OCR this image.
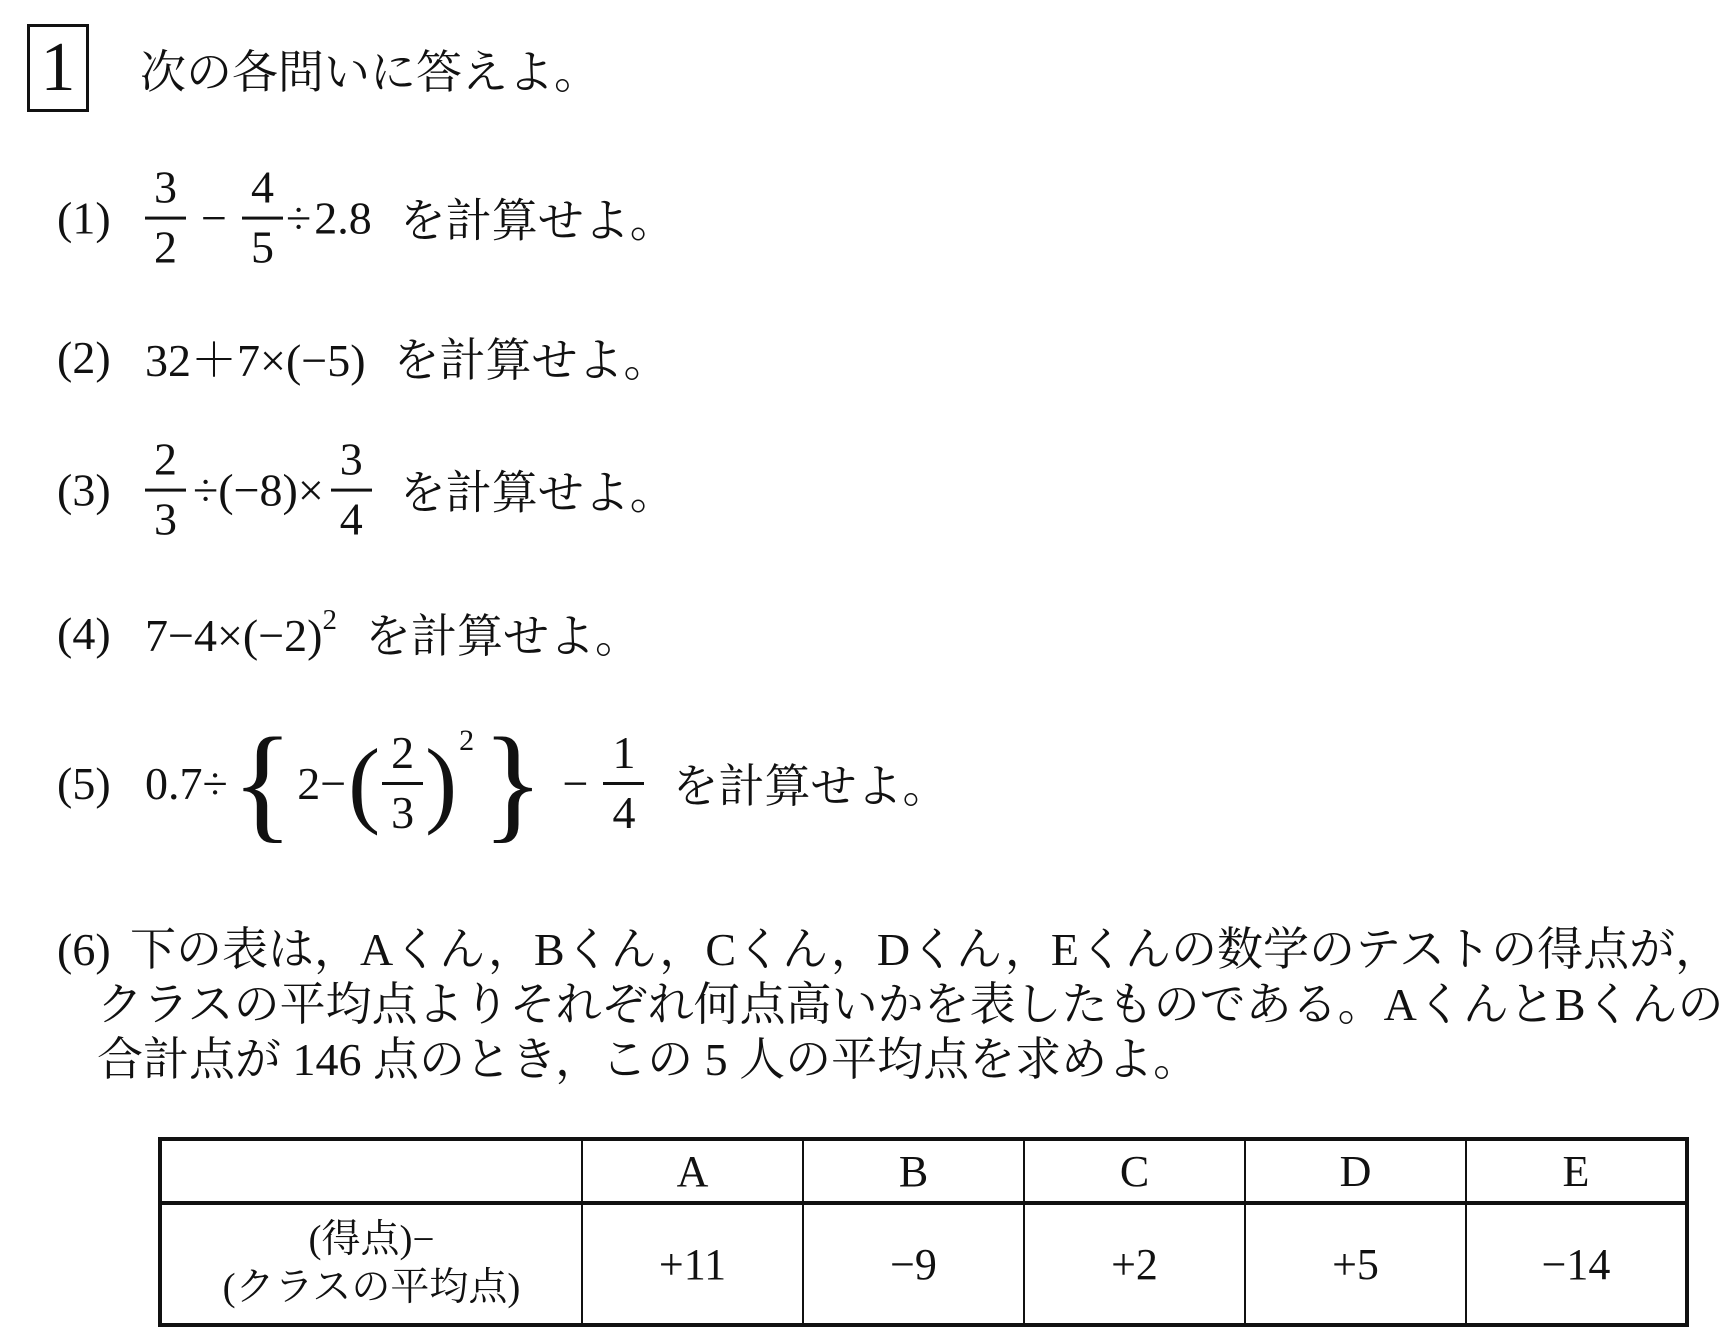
1 次の各問いに答えよ。
$(1) \frac{3}{2} - \frac{4}{5} \div 2.8$ を計算せよ。
(2) 32＋7×(−5) を計算せよ。
$(3) \frac{2}{3} \div(-8)\times \frac{3}{4}$ を計算せよ。
(4) $7-4\times(-2)^2$ を計算せよ。
(5) 0.7÷ { 2− ( $\frac{2}{3}$ ) 2 } − $\frac{1}{4}$ を計算せよ。
(6) 下の表は，Aくん，Bくん，Cくん，Dくん，Eくんの数学のテストの得点が，
クラスの平均点よりそれぞれ何点高いかを表したものである。AくんとBくんの
合計点が 146 点のとき，この 5 人の平均点を求めよ。
	A	B	C	D	E

(得点)−
(クラスの平均点)	+11	−9	+2	+5	−14
